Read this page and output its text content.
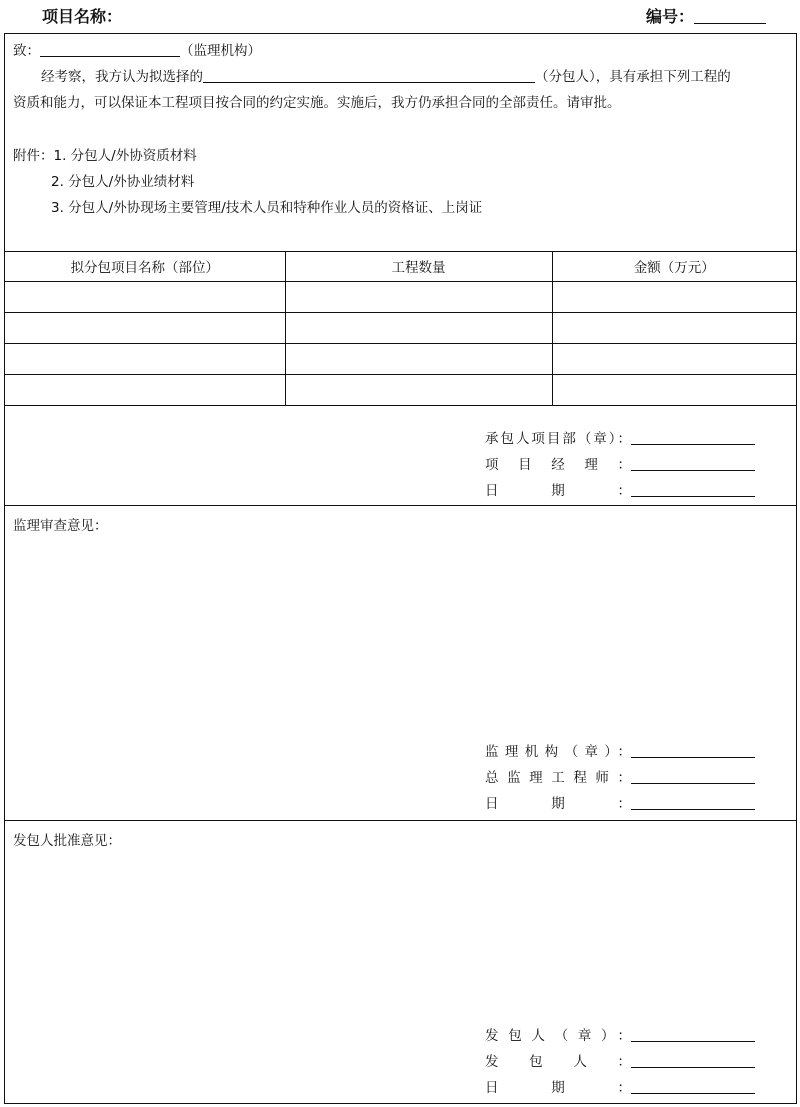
项目名称：	编号：
致：	（监理机构）
经考察，我方认为拟选择的	（分包人），具有承担下列工程的
资质和能力，可以保证本工程项目按合同的约定实施。实施后，我方仍承担合同的全部责任。请审批。
附件：1. 分包人/外协资质材料
2. 分包人/外协业绩材料
3. 分包人/外协现场主要管理/技术人员和特种作业人员的资格证、上岗证
拟分包项目名称（部位）	工程数量	金额（万元）

承包人项目部（章）：
项目经理：
日期：
监理审查意见：
监理机构（章）：
总监理工程师：
日期：
发包人批准意见：
发包人（章）：
发包人：
日期：
